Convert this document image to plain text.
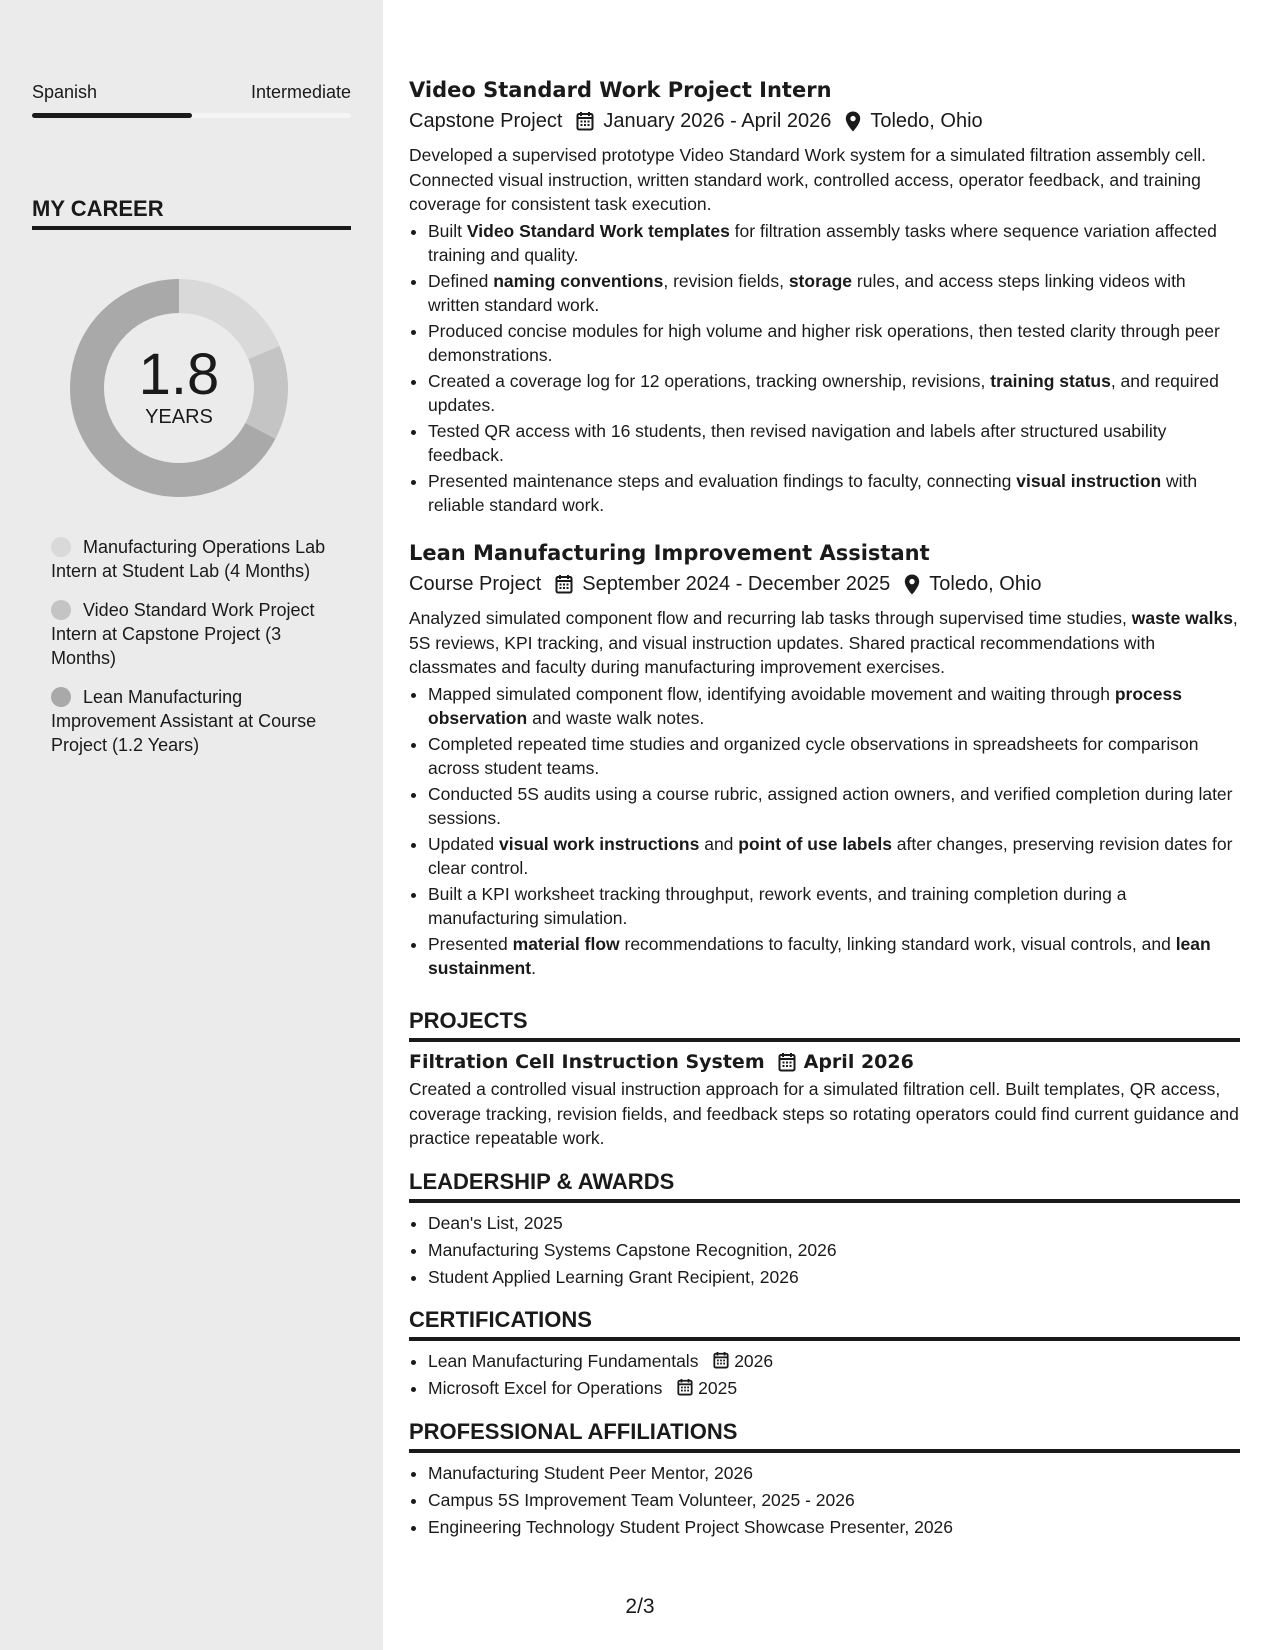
Spanish	Intermediate
MY CAREER
1.8
YEARS
Manufacturing Operations Lab Intern at Student Lab (4 Months)
Video Standard Work Project Intern at Capstone Project (3 Months)
Lean Manufacturing Improvement Assistant at Course Project (1.2 Years)
Video Standard Work Project Intern
Capstone Project January 2026 - April 2026 Toledo, Ohio
Developed a supervised prototype Video Standard Work system for a simulated filtration assembly cell. Connected visual instruction, written standard work, controlled access, operator feedback, and training coverage for consistent task execution.
• Built Video Standard Work templates for filtration assembly tasks where sequence variation affected training and quality.
• Defined naming conventions, revision fields, storage rules, and access steps linking videos with written standard work.
• Produced concise modules for high volume and higher risk operations, then tested clarity through peer demonstrations.
• Created a coverage log for 12 operations, tracking ownership, revisions, training status, and required updates.
• Tested QR access with 16 students, then revised navigation and labels after structured usability feedback.
• Presented maintenance steps and evaluation findings to faculty, connecting visual instruction with reliable standard work.
Lean Manufacturing Improvement Assistant
Course Project September 2024 - December 2025 Toledo, Ohio
Analyzed simulated component flow and recurring lab tasks through supervised time studies, waste walks, 5S reviews, KPI tracking, and visual instruction updates. Shared practical recommendations with classmates and faculty during manufacturing improvement exercises.
• Mapped simulated component flow, identifying avoidable movement and waiting through process observation and waste walk notes.
• Completed repeated time studies and organized cycle observations in spreadsheets for comparison across student teams.
• Conducted 5S audits using a course rubric, assigned action owners, and verified completion during later sessions.
• Updated visual work instructions and point of use labels after changes, preserving revision dates for clear control.
• Built a KPI worksheet tracking throughput, rework events, and training completion during a manufacturing simulation.
• Presented material flow recommendations to faculty, linking standard work, visual controls, and lean sustainment.
PROJECTS
Filtration Cell Instruction System April 2026
Created a controlled visual instruction approach for a simulated filtration cell. Built templates, QR access, coverage tracking, revision fields, and feedback steps so rotating operators could find current guidance and practice repeatable work.
LEADERSHIP & AWARDS
• Dean's List, 2025
• Manufacturing Systems Capstone Recognition, 2026
• Student Applied Learning Grant Recipient, 2026
CERTIFICATIONS
• Lean Manufacturing Fundamentals 2026
• Microsoft Excel for Operations 2025
PROFESSIONAL AFFILIATIONS
• Manufacturing Student Peer Mentor, 2026
• Campus 5S Improvement Team Volunteer, 2025 - 2026
• Engineering Technology Student Project Showcase Presenter, 2026
2/3
